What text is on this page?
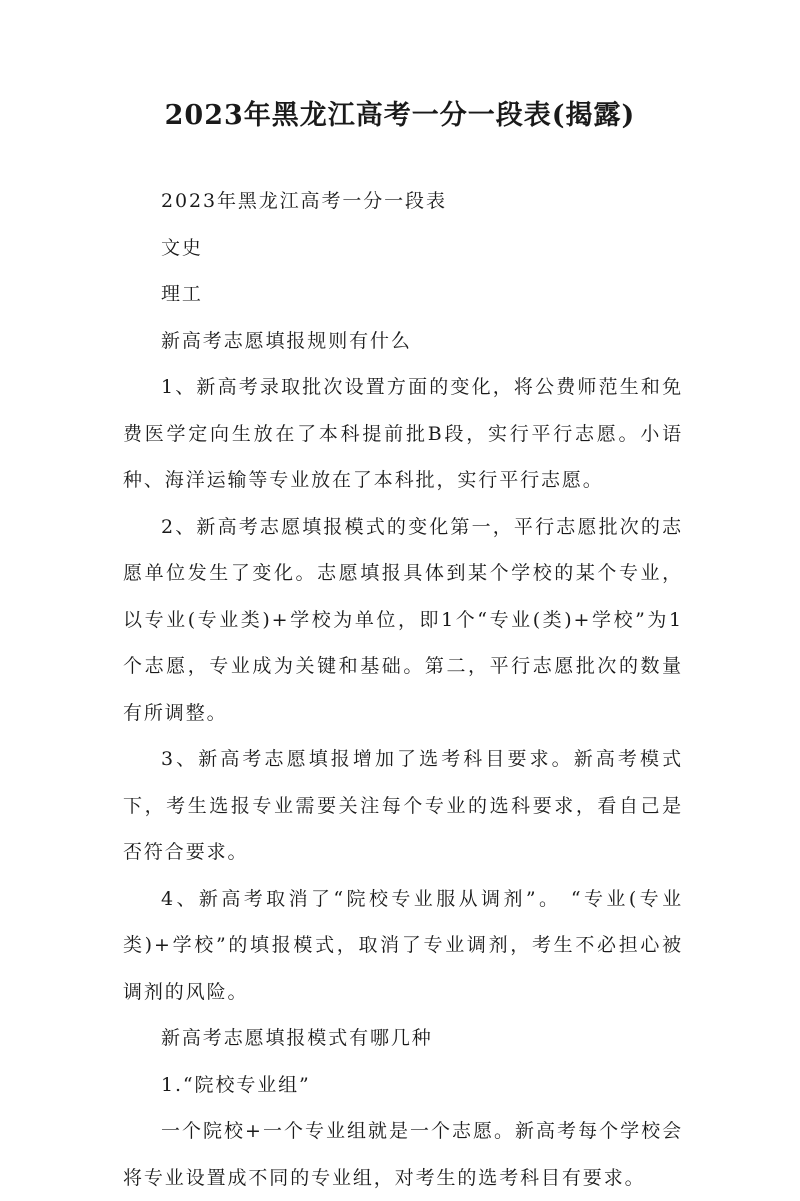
2023年黑龙江高考一分一段表(揭露)

2023年黑龙江高考一分一段表

文史

理工

新高考志愿填报规则有什么

1、新高考录取批次设置方面的变化，将公费师范生和免费医学定向生放在了本科提前批B段，实行平行志愿。小语种、海洋运输等专业放在了本科批，实行平行志愿。

2、新高考志愿填报模式的变化第一，平行志愿批次的志愿单位发生了变化。志愿填报具体到某个学校的某个专业，以专业(专业类)+学校为单位，即1个“专业(类)+学校”为1个志愿，专业成为关键和基础。第二，平行志愿批次的数量有所调整。

3、新高考志愿填报增加了选考科目要求。新高考模式下，考生选报专业需要关注每个专业的选科要求，看自己是否符合要求。

4、新高考取消了“院校专业服从调剂”。 “专业(专业类)+学校”的填报模式，取消了专业调剂，考生不必担心被调剂的风险。

新高考志愿填报模式有哪几种

1.“院校专业组”

一个院校+一个专业组就是一个志愿。新高考每个学校会将专业设置成不同的专业组，对考生的选考科目有要求。
